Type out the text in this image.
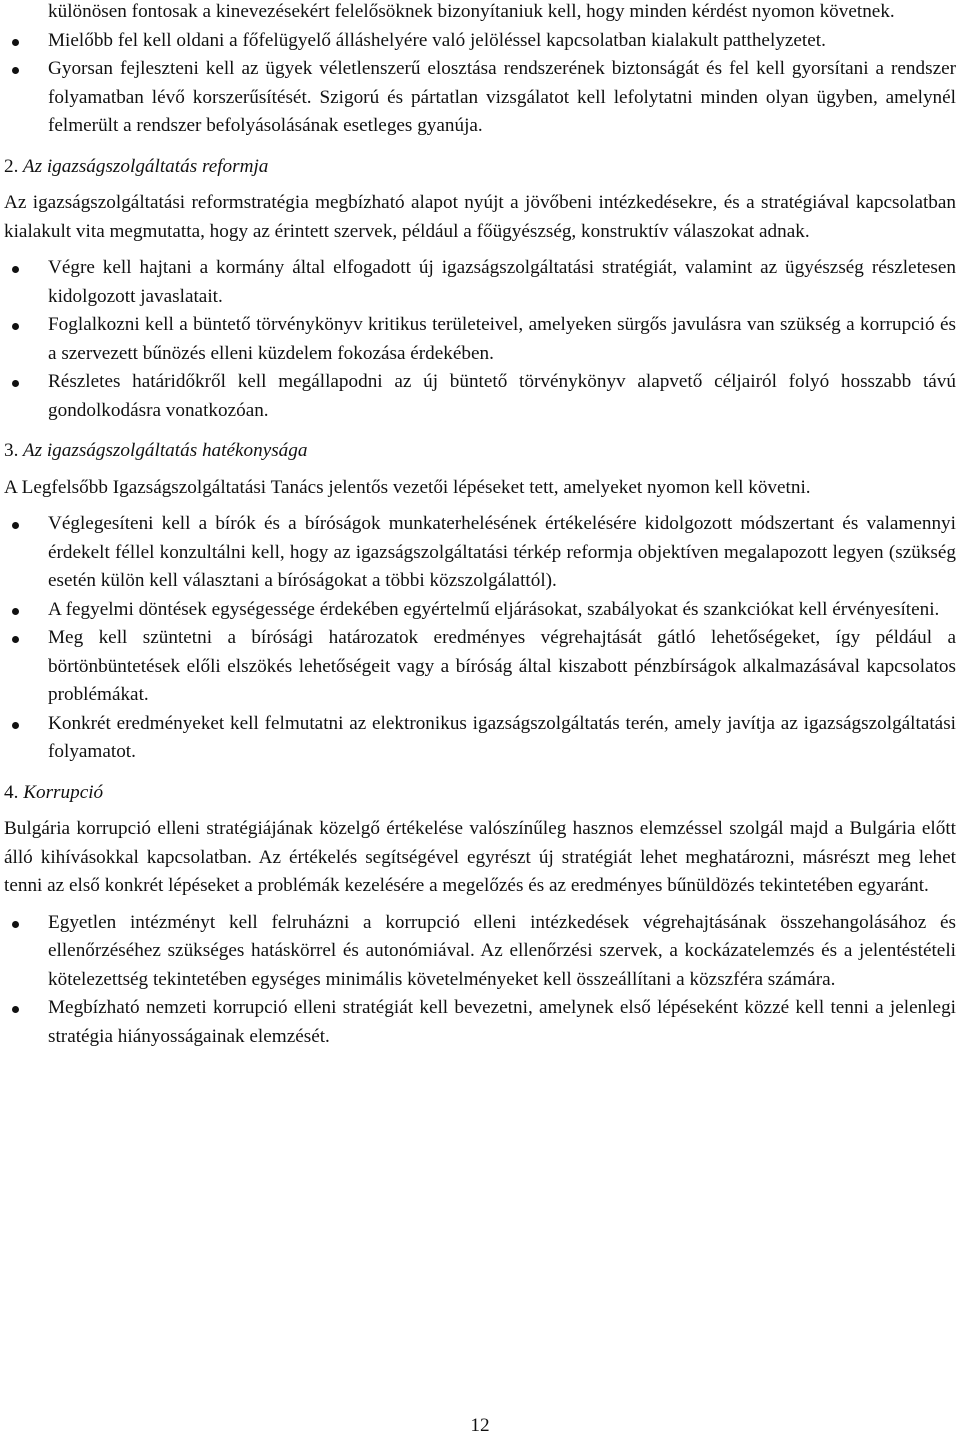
különösen fontosak a kinevezésekért felelősöknek bizonyítaniuk kell, hogy minden kérdést nyomon követnek.
Mielőbb fel kell oldani a főfelügyelő álláshelyére való jelöléssel kapcsolatban kialakult patthelyzetet.
Gyorsan fejleszteni kell az ügyek véletlenszerű elosztása rendszerének biztonságát és fel kell gyorsítani a rendszer folyamatban lévő korszerűsítését. Szigorú és pártatlan vizsgálatot kell lefolytatni minden olyan ügyben, amelynél felmerült a rendszer befolyásolásának esetleges gyanúja.
2. Az igazságszolgáltatás reformja

Az igazságszolgáltatási reformstratégia megbízható alapot nyújt a jövőbeni intézkedésekre, és a stratégiával kapcsolatban kialakult vita megmutatta, hogy az érintett szervek, például a főügyészség, konstruktív válaszokat adnak.

Végre kell hajtani a kormány által elfogadott új igazságszolgáltatási stratégiát, valamint az ügyészség részletesen kidolgozott javaslatait.
Foglalkozni kell a büntető törvénykönyv kritikus területeivel, amelyeken sürgős javulásra van szükség a korrupció és a szervezett bűnözés elleni küzdelem fokozása érdekében.
Részletes határidőkről kell megállapodni az új büntető törvénykönyv alapvető céljairól folyó hosszabb távú gondolkodásra vonatkozóan.
3. Az igazságszolgáltatás hatékonysága

A Legfelsőbb Igazságszolgáltatási Tanács jelentős vezetői lépéseket tett, amelyeket nyomon kell követni.

Véglegesíteni kell a bírók és a bíróságok munkaterhelésének értékelésére kidolgozott módszertant és valamennyi érdekelt féllel konzultálni kell, hogy az igazságszolgáltatási térkép reformja objektíven megalapozott legyen (szükség esetén külön kell választani a bíróságokat a többi közszolgálattól).
A fegyelmi döntések egységessége érdekében egyértelmű eljárásokat, szabályokat és szankciókat kell érvényesíteni.
Meg kell szüntetni a bírósági határozatok eredményes végrehajtását gátló lehetőségeket, így például a börtönbüntetések előli elszökés lehetőségeit vagy a bíróság által kiszabott pénzbírságok alkalmazásával kapcsolatos problémákat.
Konkrét eredményeket kell felmutatni az elektronikus igazságszolgáltatás terén, amely javítja az igazságszolgáltatási folyamatot.
4. Korrupció

Bulgária korrupció elleni stratégiájának közelgő értékelése valószínűleg hasznos elemzéssel szolgál majd a Bulgária előtt álló kihívásokkal kapcsolatban. Az értékelés segítségével egyrészt új stratégiát lehet meghatározni, másrészt meg lehet tenni az első konkrét lépéseket a problémák kezelésére a megelőzés és az eredményes bűnüldözés tekintetében egyaránt.

Egyetlen intézményt kell felruházni a korrupció elleni intézkedések végrehajtásának összehangolásához és ellenőrzéséhez szükséges hatáskörrel és autonómiával. Az ellenőrzési szervek, a kockázatelemzés és a jelentéstételi kötelezettség tekintetében egységes minimális követelményeket kell összeállítani a közszféra számára.
Megbízható nemzeti korrupció elleni stratégiát kell bevezetni, amelynek első lépéseként közzé kell tenni a jelenlegi stratégia hiányosságainak elemzését.
12
